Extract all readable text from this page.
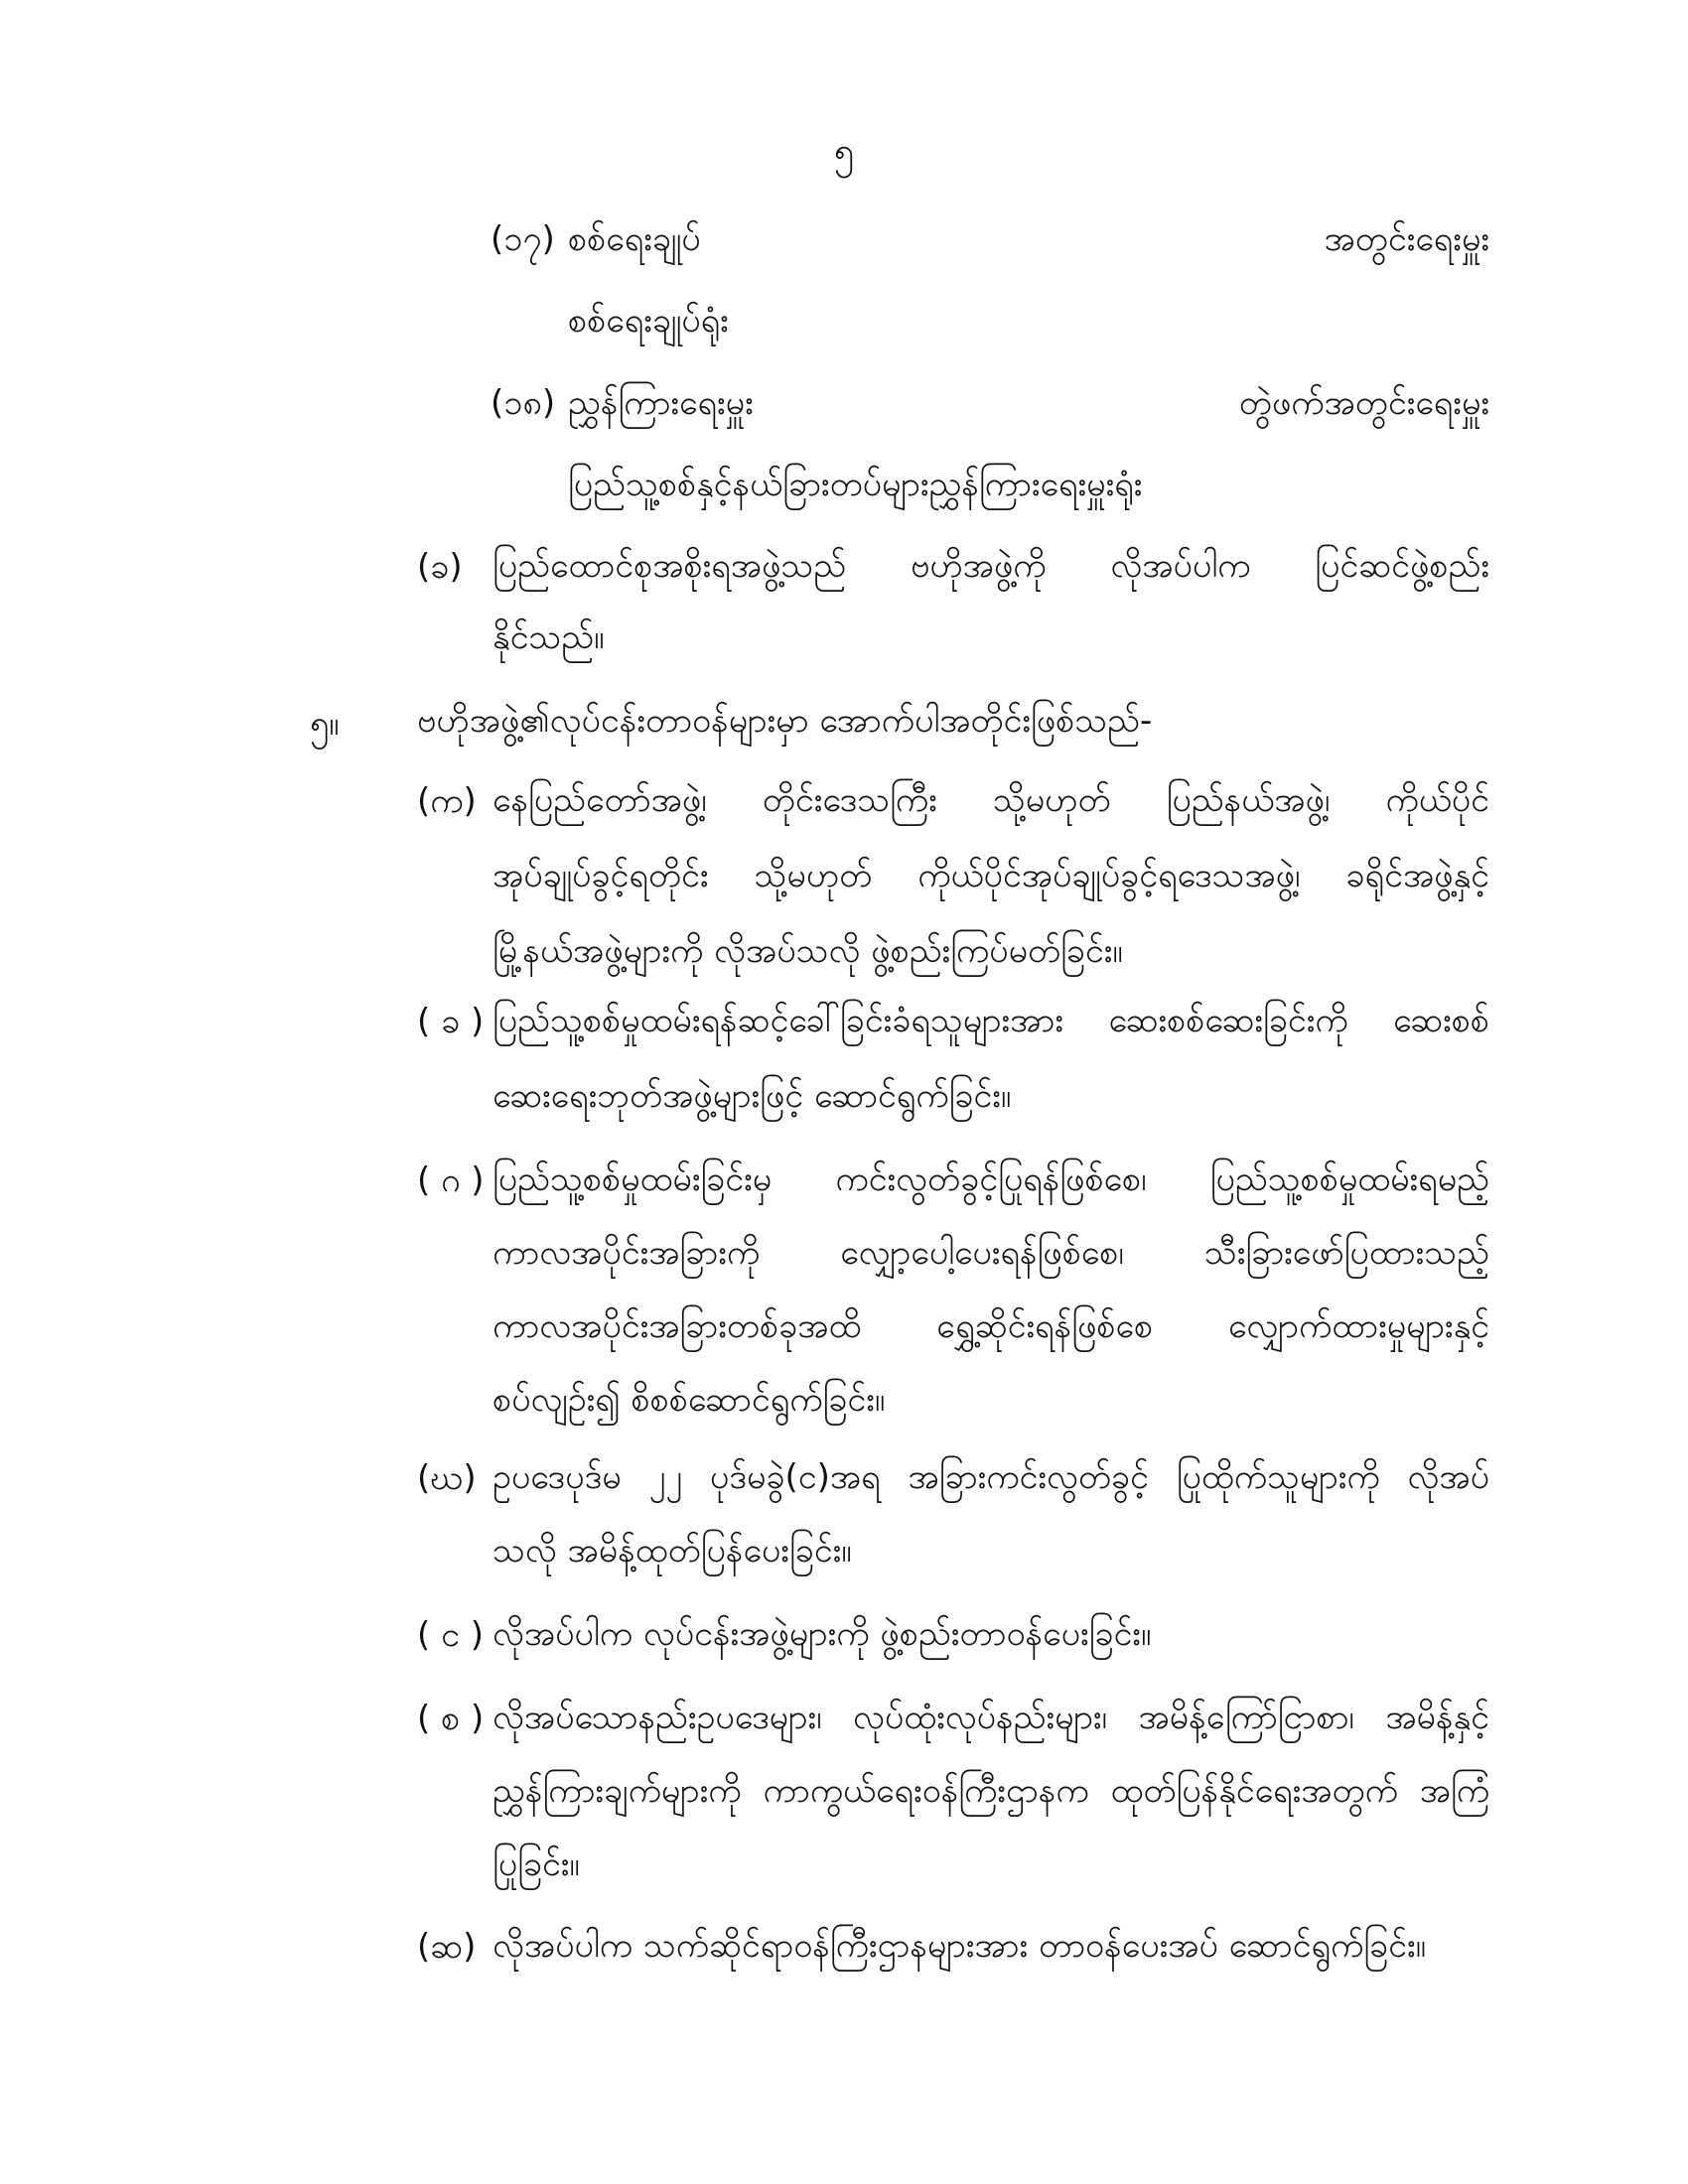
၅
(၁၇) စစ်ရေးချုပ်	အတွင်းရေးမှူး
စစ်ရေးချုပ်ရုံး
(၁၈) ညွှန်ကြားရေးမှူး	တွဲဖက်အတွင်းရေးမှူး
ပြည်သူ့စစ်နှင့်နယ်ခြားတပ်များညွှန်ကြားရေးမှူးရုံး
(ခ) ပြည်ထောင်စုအစိုးရအဖွဲ့သည် ဗဟိုအဖွဲ့ကို လိုအပ်ပါက ပြင်ဆင်ဖွဲ့စည်း
နိုင်သည်။
၅။ ဗဟိုအဖွဲ့၏လုပ်ငန်းတာဝန်များမှာ အောက်ပါအတိုင်းဖြစ်သည်-
(က) နေပြည်တော်အဖွဲ့၊ တိုင်းဒေသကြီး သို့မဟုတ် ပြည်နယ်အဖွဲ့၊ ကိုယ်ပိုင်
အုပ်ချုပ်ခွင့်ရတိုင်း သို့မဟုတ် ကိုယ်ပိုင်အုပ်ချုပ်ခွင့်ရဒေသအဖွဲ့၊ ခရိုင်အဖွဲ့နှင့်
မြို့နယ်အဖွဲ့များကို လိုအပ်သလို ဖွဲ့စည်းကြပ်မတ်ခြင်း။
( ခ ) ပြည်သူ့စစ်မှုထမ်းရန်ဆင့်ခေါ်ခြင်းခံရသူများအား ဆေးစစ်ဆေးခြင်းကို ဆေးစစ်
ဆေးရေးဘုတ်အဖွဲ့များဖြင့် ဆောင်ရွက်ခြင်း။
( ဂ ) ပြည်သူ့စစ်မှုထမ်းခြင်းမှ ကင်းလွတ်ခွင့်ပြုရန်ဖြစ်စေ၊ ပြည်သူ့စစ်မှုထမ်းရမည့်
ကာလအပိုင်းအခြားကို လျှော့ပေါ့ပေးရန်ဖြစ်စေ၊ သီးခြားဖော်ပြထားသည့်
ကာလအပိုင်းအခြားတစ်ခုအထိ ရွှေ့ဆိုင်းရန်ဖြစ်စေ လျှောက်ထားမှုများနှင့်
စပ်လျဉ်း၍ စိစစ်ဆောင်ရွက်ခြင်း။
(ဃ) ဥပဒေပုဒ်မ ၂၂ ပုဒ်မခွဲ(င)အရ အခြားကင်းလွတ်ခွင့် ပြုထိုက်သူများကို လိုအပ်
သလို အမိန့်ထုတ်ပြန်ပေးခြင်း။
( င ) လိုအပ်ပါက လုပ်ငန်းအဖွဲ့များကို ဖွဲ့စည်းတာဝန်ပေးခြင်း။
( စ ) လိုအပ်သောနည်းဥပဒေများ၊ လုပ်ထုံးလုပ်နည်းများ၊ အမိန့်ကြော်ငြာစာ၊ အမိန့်နှင့်
ညွှန်ကြားချက်များကို ကာကွယ်ရေးဝန်ကြီးဌာနက ထုတ်ပြန်နိုင်ရေးအတွက် အကြံ
ပြုခြင်း။
(ဆ) လိုအပ်ပါက သက်ဆိုင်ရာဝန်ကြီးဌာနများအား တာဝန်ပေးအပ် ဆောင်ရွက်ခြင်း။
